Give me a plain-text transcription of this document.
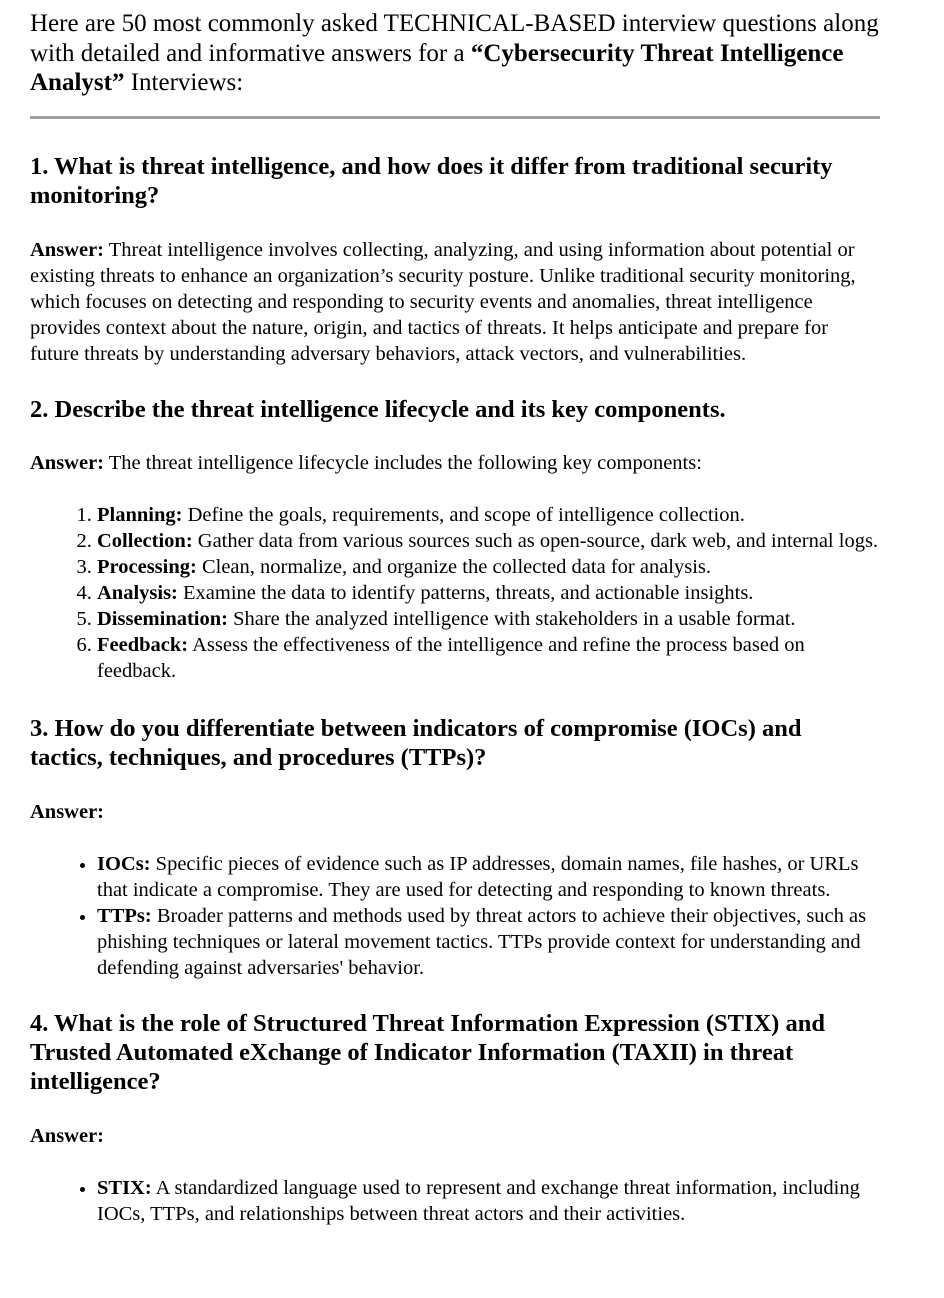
Here are 50 most commonly asked TECHNICAL-BASED interview questions along with detailed and informative answers for a “Cybersecurity Threat Intelligence Analyst” Interviews:

1. What is threat intelligence, and how does it differ from traditional security monitoring?

Answer: Threat intelligence involves collecting, analyzing, and using information about potential or existing threats to enhance an organization’s security posture. Unlike traditional security monitoring, which focuses on detecting and responding to security events and anomalies, threat intelligence provides context about the nature, origin, and tactics of threats. It helps anticipate and prepare for future threats by understanding adversary behaviors, attack vectors, and vulnerabilities.

2. Describe the threat intelligence lifecycle and its key components.

Answer: The threat intelligence lifecycle includes the following key components:

1. Planning: Define the goals, requirements, and scope of intelligence collection.
2. Collection: Gather data from various sources such as open-source, dark web, and internal logs.
3. Processing: Clean, normalize, and organize the collected data for analysis.
4. Analysis: Examine the data to identify patterns, threats, and actionable insights.
5. Dissemination: Share the analyzed intelligence with stakeholders in a usable format.
6. Feedback: Assess the effectiveness of the intelligence and refine the process based on feedback.
3. How do you differentiate between indicators of compromise (IOCs) and tactics, techniques, and procedures (TTPs)?

Answer:

• IOCs: Specific pieces of evidence such as IP addresses, domain names, file hashes, or URLs that indicate a compromise. They are used for detecting and responding to known threats.
• TTPs: Broader patterns and methods used by threat actors to achieve their objectives, such as phishing techniques or lateral movement tactics. TTPs provide context for understanding and defending against adversaries' behavior.
4. What is the role of Structured Threat Information Expression (STIX) and Trusted Automated eXchange of Indicator Information (TAXII) in threat intelligence?

Answer:

• STIX: A standardized language used to represent and exchange threat information, including IOCs, TTPs, and relationships between threat actors and their activities.
